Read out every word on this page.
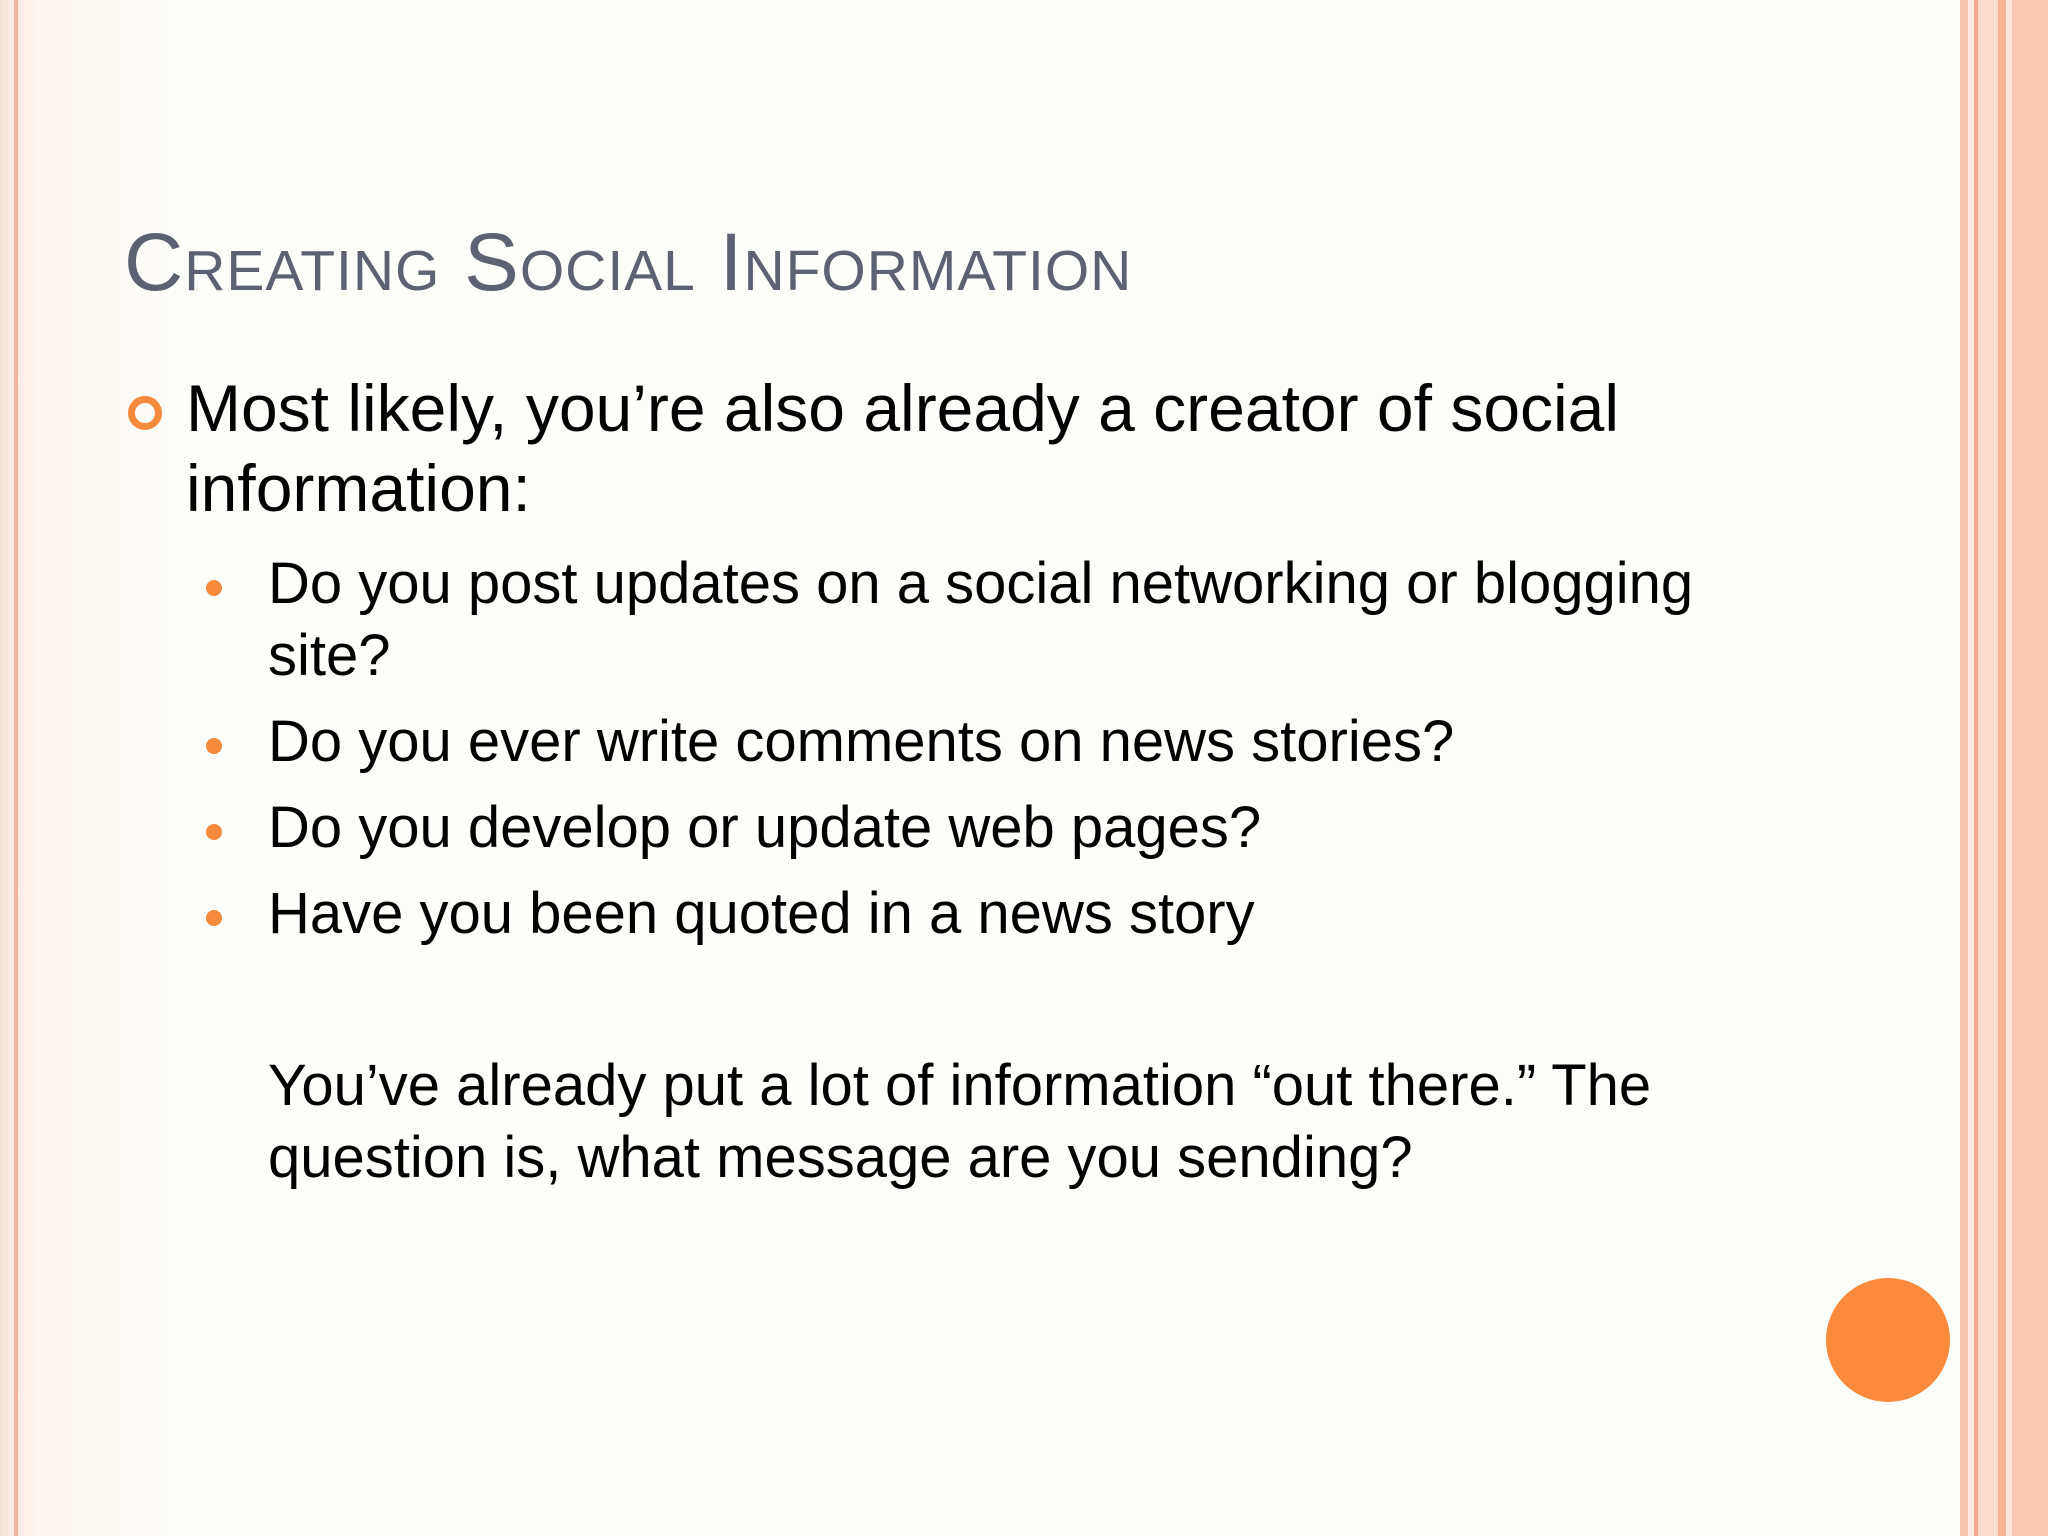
Creating Social Information
Most likely, you’re also already a creator of social information:
Do you post updates on a social networking or blogging site?
Do you ever write comments on news stories?
Do you develop or update web pages?
Have you been quoted in a news story
You’ve already put a lot of information “out there.” The question is, what message are you sending?
